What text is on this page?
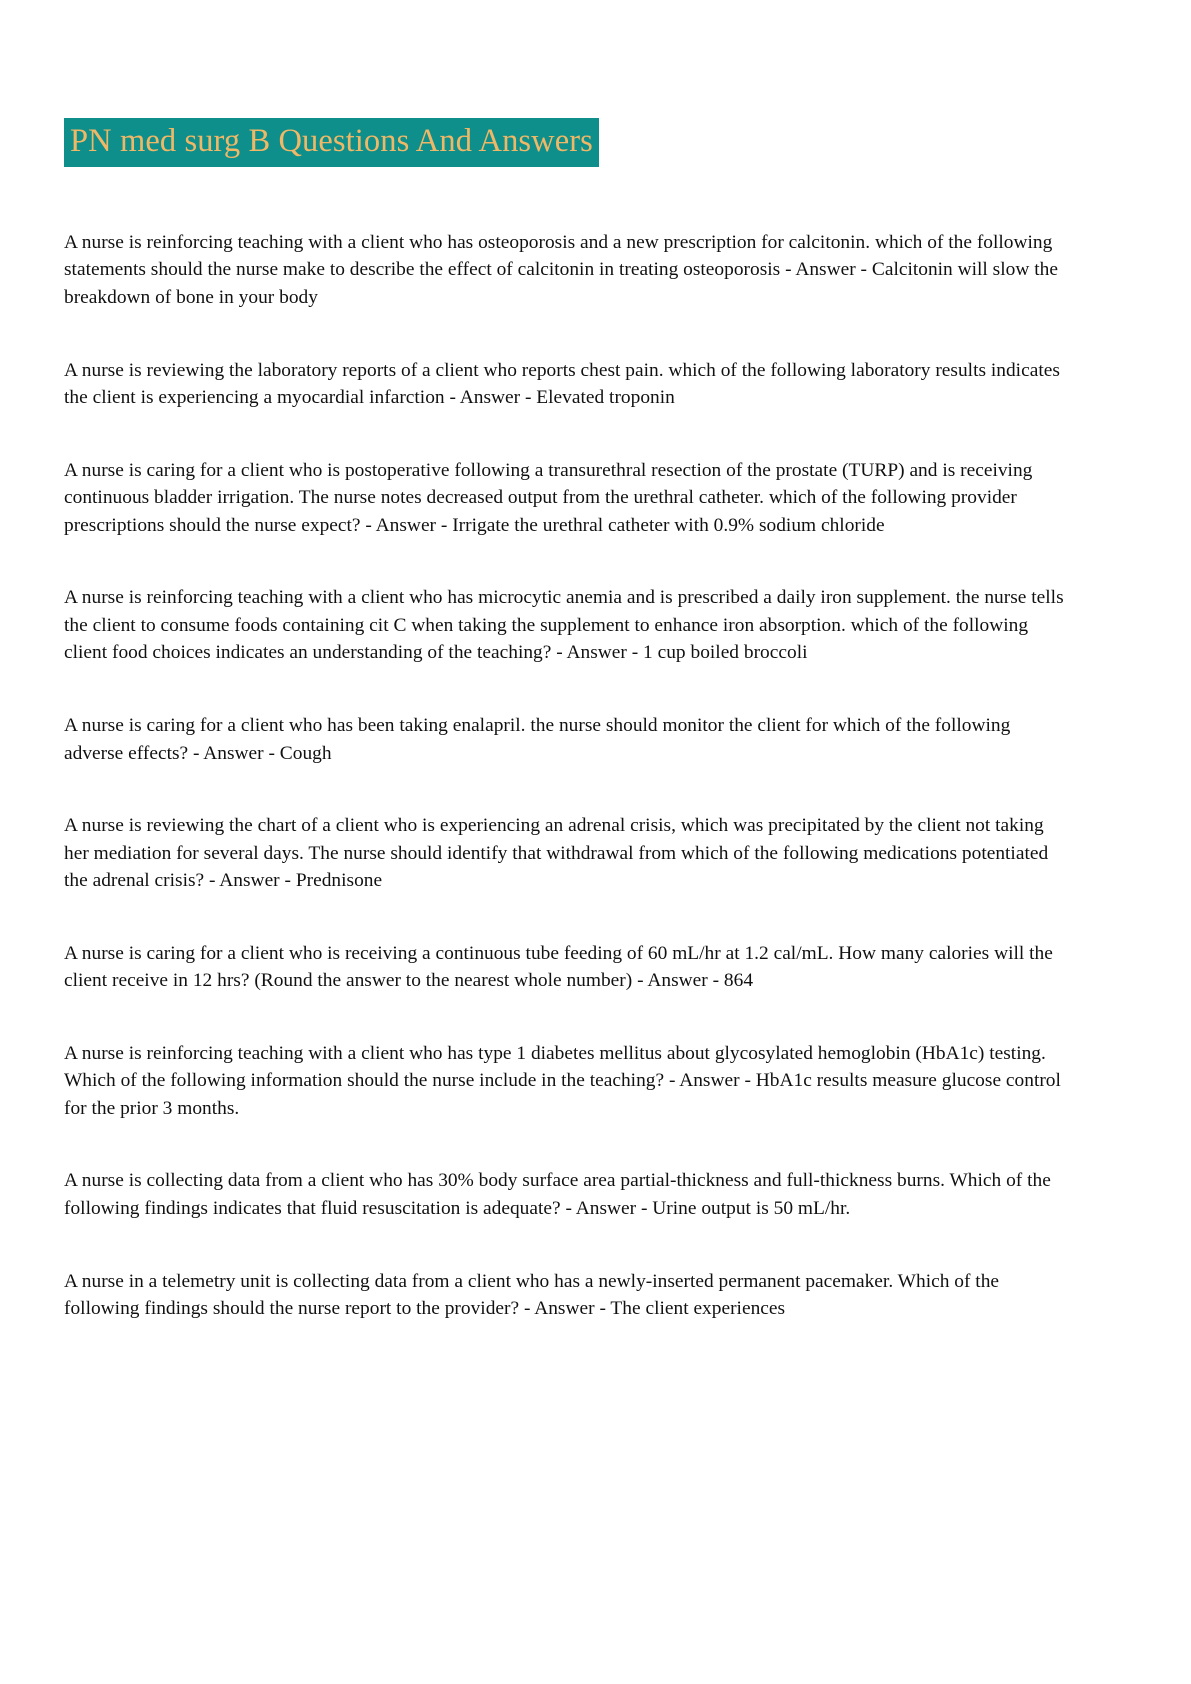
PN med surg B Questions And Answers

A nurse is reinforcing teaching with a client who has osteoporosis and a new prescription for calcitonin. which of the following statements should the nurse make to describe the effect of calcitonin in treating osteoporosis - Answer - Calcitonin will slow the breakdown of bone in your body

A nurse is reviewing the laboratory reports of a client who reports chest pain. which of the following laboratory results indicates the client is experiencing a myocardial infarction - Answer - Elevated troponin

A nurse is caring for a client who is postoperative following a transurethral resection of the prostate (TURP) and is receiving continuous bladder irrigation. The nurse notes decreased output from the urethral catheter. which of the following provider prescriptions should the nurse expect? - Answer - Irrigate the urethral catheter with 0.9% sodium chloride

A nurse is reinforcing teaching with a client who has microcytic anemia and is prescribed a daily iron supplement. the nurse tells the client to consume foods containing cit C when taking the supplement to enhance iron absorption. which of the following client food choices indicates an understanding of the teaching? - Answer - 1 cup boiled broccoli

A nurse is caring for a client who has been taking enalapril. the nurse should monitor the client for which of the following adverse effects? - Answer - Cough

A nurse is reviewing the chart of a client who is experiencing an adrenal crisis, which was precipitated by the client not taking her mediation for several days. The nurse should identify that withdrawal from which of the following medications potentiated the adrenal crisis? - Answer - Prednisone

A nurse is caring for a client who is receiving a continuous tube feeding of 60 mL/hr at 1.2 cal/mL. How many calories will the client receive in 12 hrs? (Round the answer to the nearest whole number) - Answer - 864

A nurse is reinforcing teaching with a client who has type 1 diabetes mellitus about glycosylated hemoglobin (HbA1c) testing. Which of the following information should the nurse include in the teaching? - Answer - HbA1c results measure glucose control for the prior 3 months.

A nurse is collecting data from a client who has 30% body surface area partial-thickness and full-thickness burns. Which of the following findings indicates that fluid resuscitation is adequate? - Answer - Urine output is 50 mL/hr.

A nurse in a telemetry unit is collecting data from a client who has a newly-inserted permanent pacemaker. Which of the following findings should the nurse report to the provider? - Answer - The client experiences
